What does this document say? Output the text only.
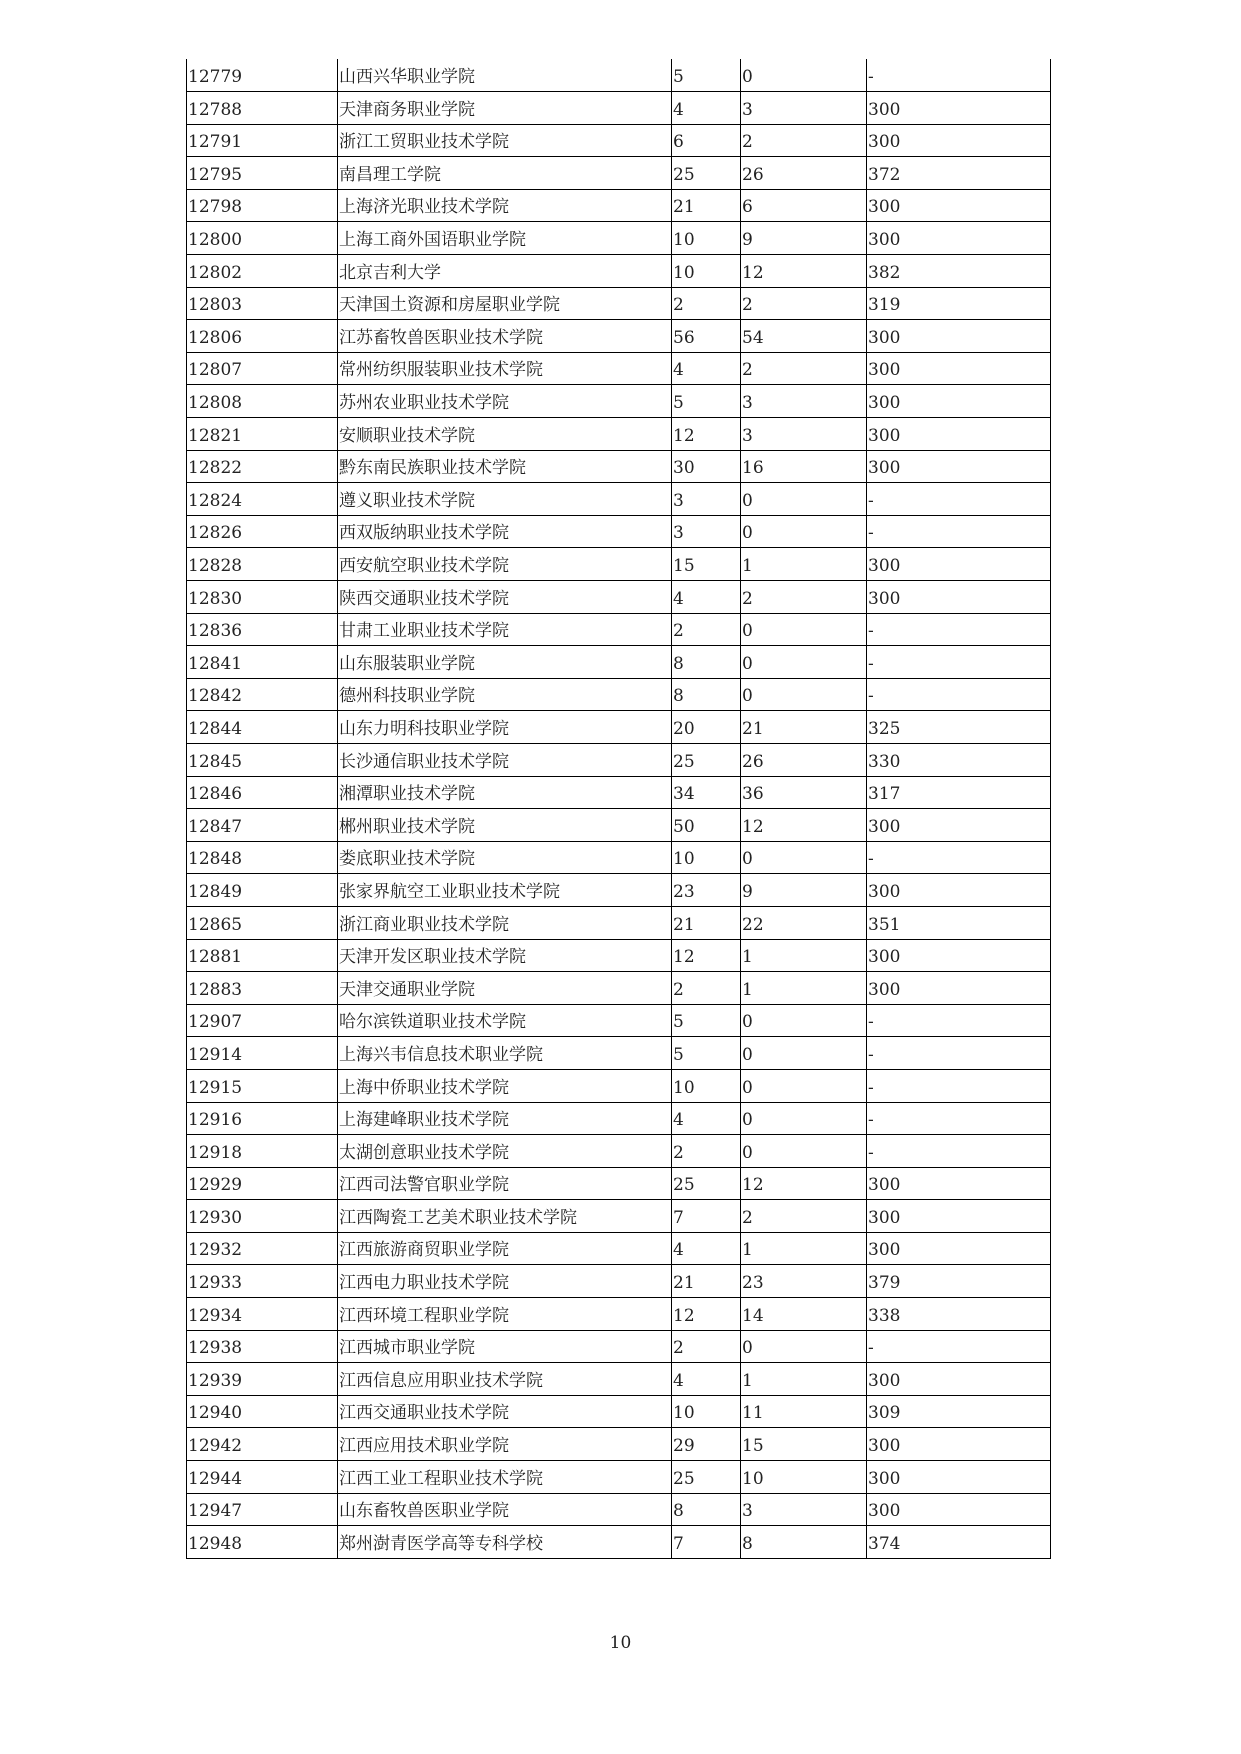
12779	山西兴华职业学院	5	0	-
12788	天津商务职业学院	4	3	300
12791	浙江工贸职业技术学院	6	2	300
12795	南昌理工学院	25	26	372
12798	上海济光职业技术学院	21	6	300
12800	上海工商外国语职业学院	10	9	300
12802	北京吉利大学	10	12	382
12803	天津国土资源和房屋职业学院	2	2	319
12806	江苏畜牧兽医职业技术学院	56	54	300
12807	常州纺织服装职业技术学院	4	2	300
12808	苏州农业职业技术学院	5	3	300
12821	安顺职业技术学院	12	3	300
12822	黔东南民族职业技术学院	30	16	300
12824	遵义职业技术学院	3	0	-
12826	西双版纳职业技术学院	3	0	-
12828	西安航空职业技术学院	15	1	300
12830	陕西交通职业技术学院	4	2	300
12836	甘肃工业职业技术学院	2	0	-
12841	山东服装职业学院	8	0	-
12842	德州科技职业学院	8	0	-
12844	山东力明科技职业学院	20	21	325
12845	长沙通信职业技术学院	25	26	330
12846	湘潭职业技术学院	34	36	317
12847	郴州职业技术学院	50	12	300
12848	娄底职业技术学院	10	0	-
12849	张家界航空工业职业技术学院	23	9	300
12865	浙江商业职业技术学院	21	22	351
12881	天津开发区职业技术学院	12	1	300
12883	天津交通职业学院	2	1	300
12907	哈尔滨铁道职业技术学院	5	0	-
12914	上海兴韦信息技术职业学院	5	0	-
12915	上海中侨职业技术学院	10	0	-
12916	上海建峰职业技术学院	4	0	-
12918	太湖创意职业技术学院	2	0	-
12929	江西司法警官职业学院	25	12	300
12930	江西陶瓷工艺美术职业技术学院	7	2	300
12932	江西旅游商贸职业学院	4	1	300
12933	江西电力职业技术学院	21	23	379
12934	江西环境工程职业学院	12	14	338
12938	江西城市职业学院	2	0	-
12939	江西信息应用职业技术学院	4	1	300
12940	江西交通职业技术学院	10	11	309
12942	江西应用技术职业学院	29	15	300
12944	江西工业工程职业技术学院	25	10	300
12947	山东畜牧兽医职业学院	8	3	300
12948	郑州澍青医学高等专科学校	7	8	374
10
